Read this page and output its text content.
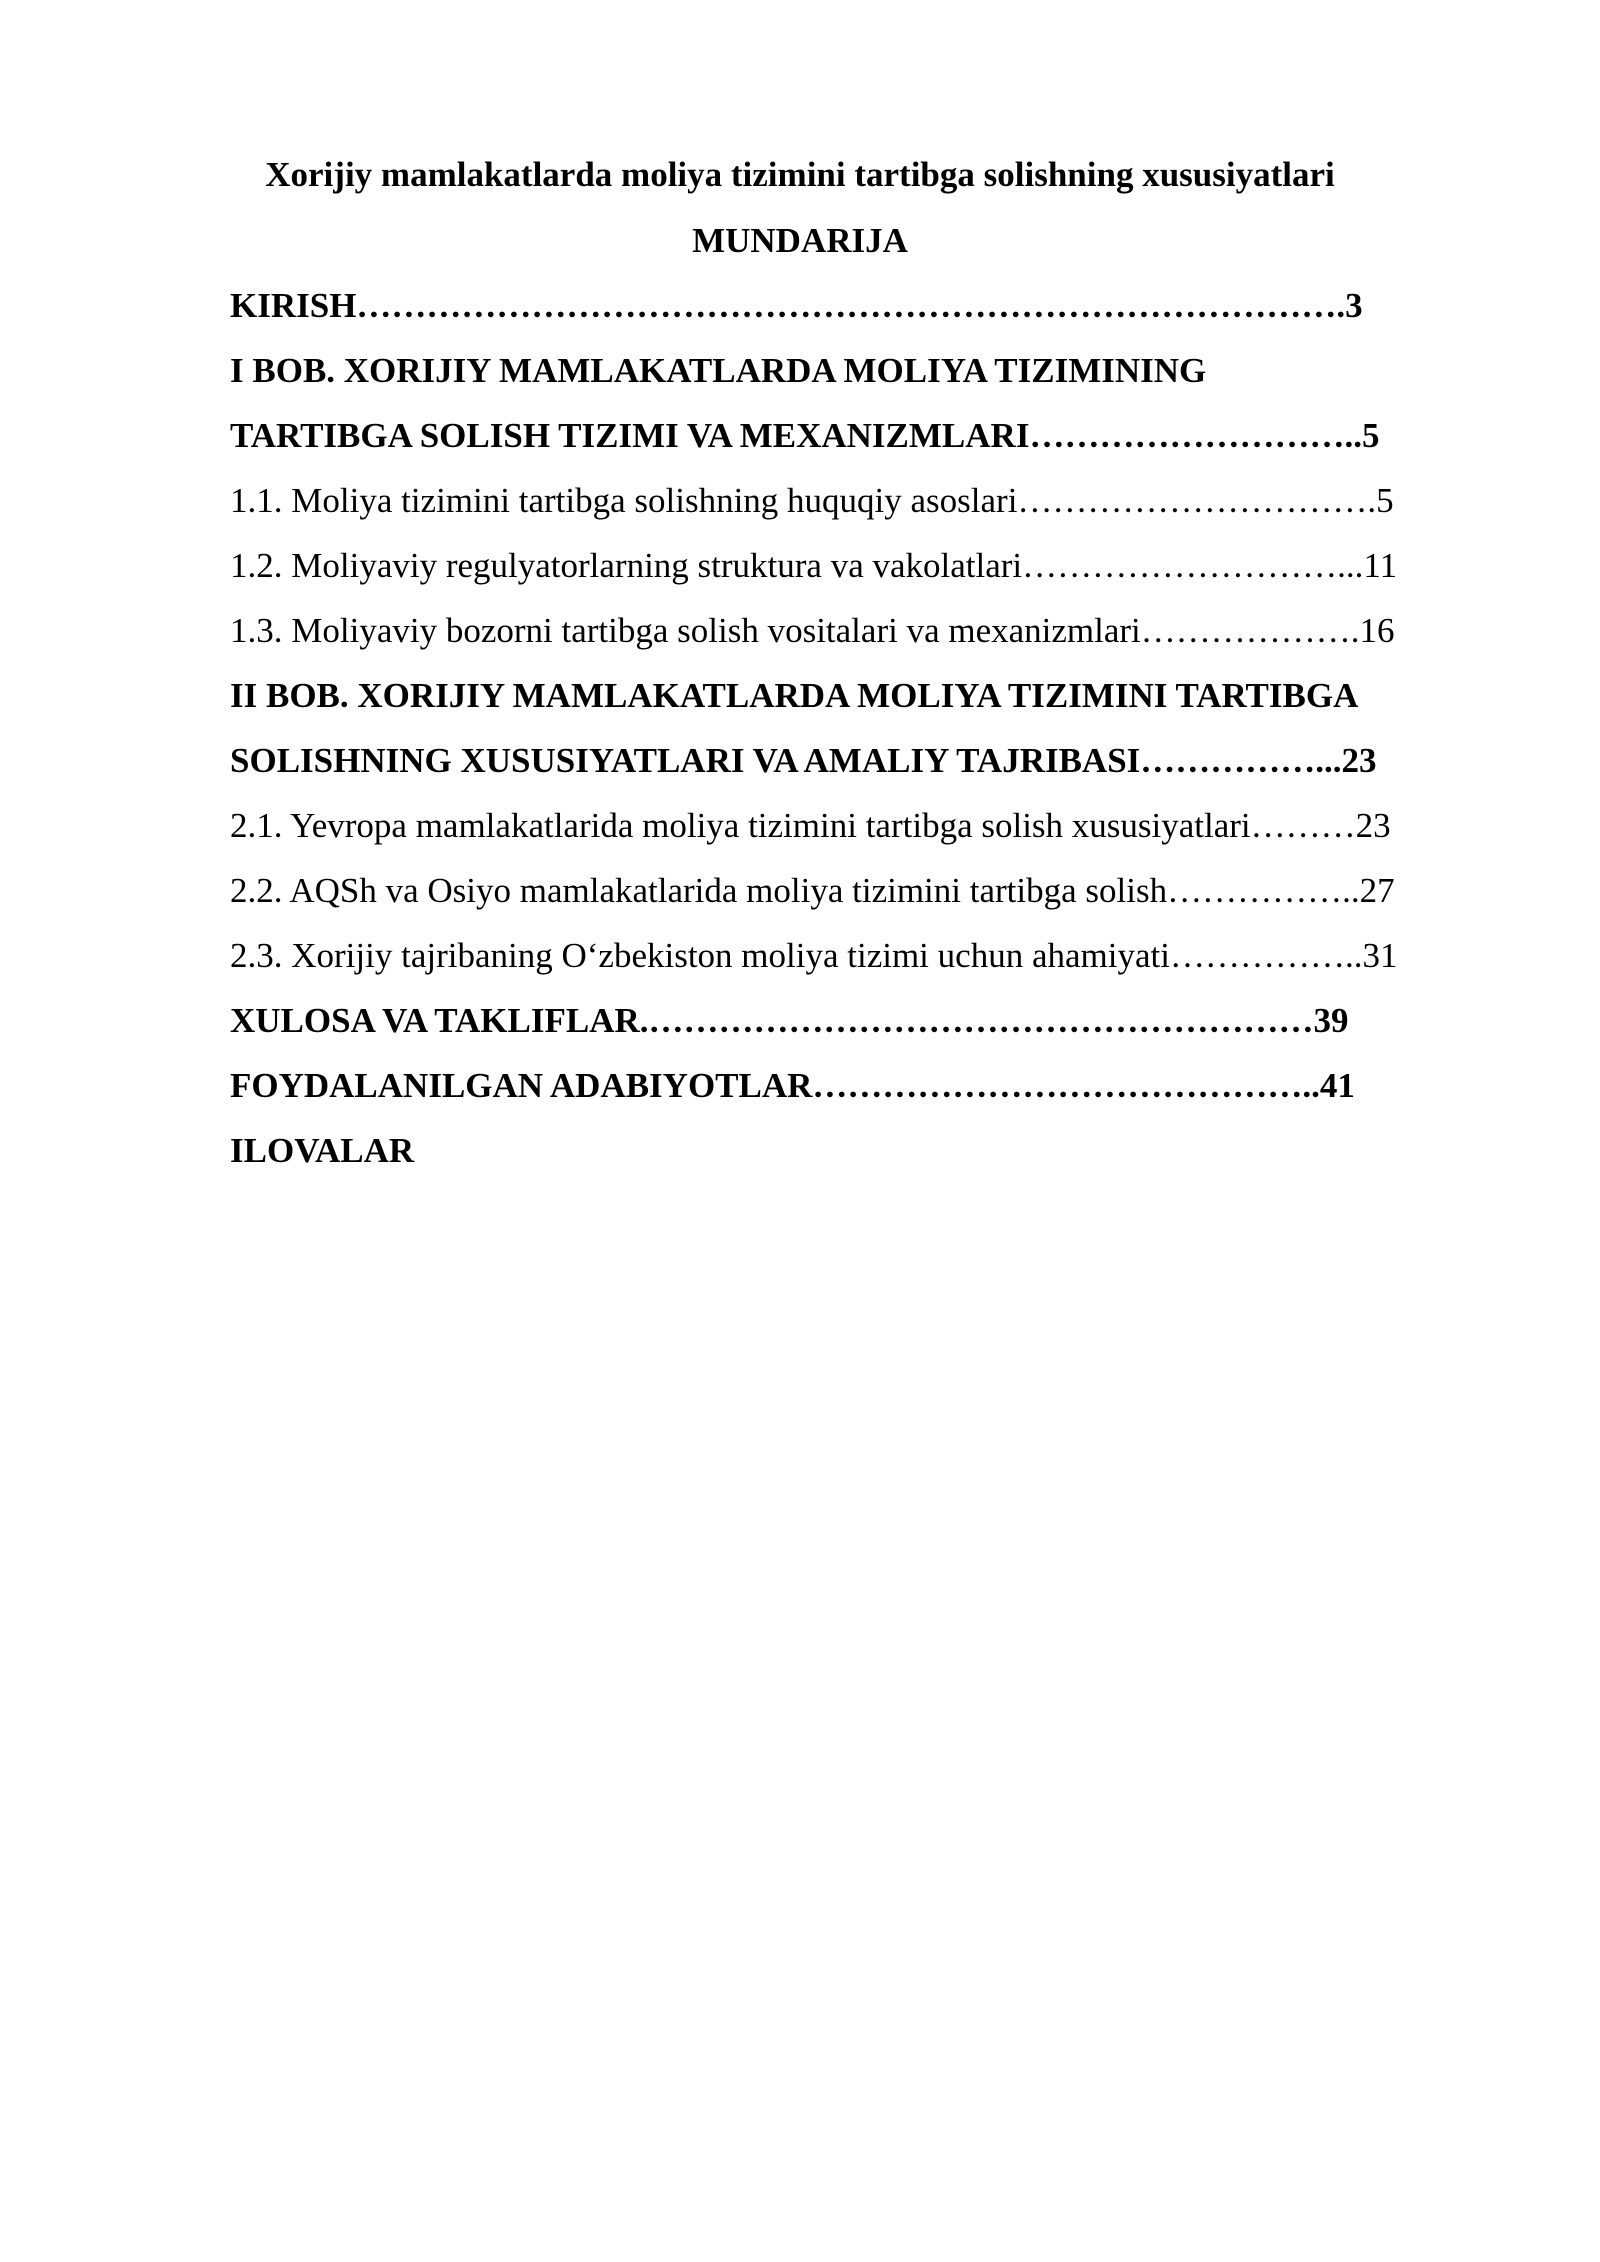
Xorijiy mamlakatlarda moliya tizimini tartibga solishning xususiyatlari
MUNDARIJA
KIRISH………………………………………………………………………….3
I BOB. XORIJIY MAMLAKATLARDA MOLIYA TIZIMINING
TARTIBGA SOLISH TIZIMI VA MEXANIZMLARI………………………..5
1.1. Moliya tizimini tartibga solishning huquqiy asoslari………………………….5
1.2. Moliyaviy regulyatorlarning struktura va vakolatlari………………………...11
1.3. Moliyaviy bozorni tartibga solish vositalari va mexanizmlari……………….16
II BOB. XORIJIY MAMLAKATLARDA MOLIYA TIZIMINI TARTIBGA
SOLISHNING XUSUSIYATLARI VA AMALIY TAJRIBASI……………...23
2.1. Yevropa mamlakatlarida moliya tizimini tartibga solish xususiyatlari………23
2.2. AQSh va Osiyo mamlakatlarida moliya tizimini tartibga solish……………..27
2.3. Xorijiy tajribaning O‘zbekiston moliya tizimi uchun ahamiyati……………..31
XULOSA VA TAKLIFLAR.…………………………………………………39
FOYDALANILGAN ADABIYOTLAR……………………………………..41
ILOVALAR
